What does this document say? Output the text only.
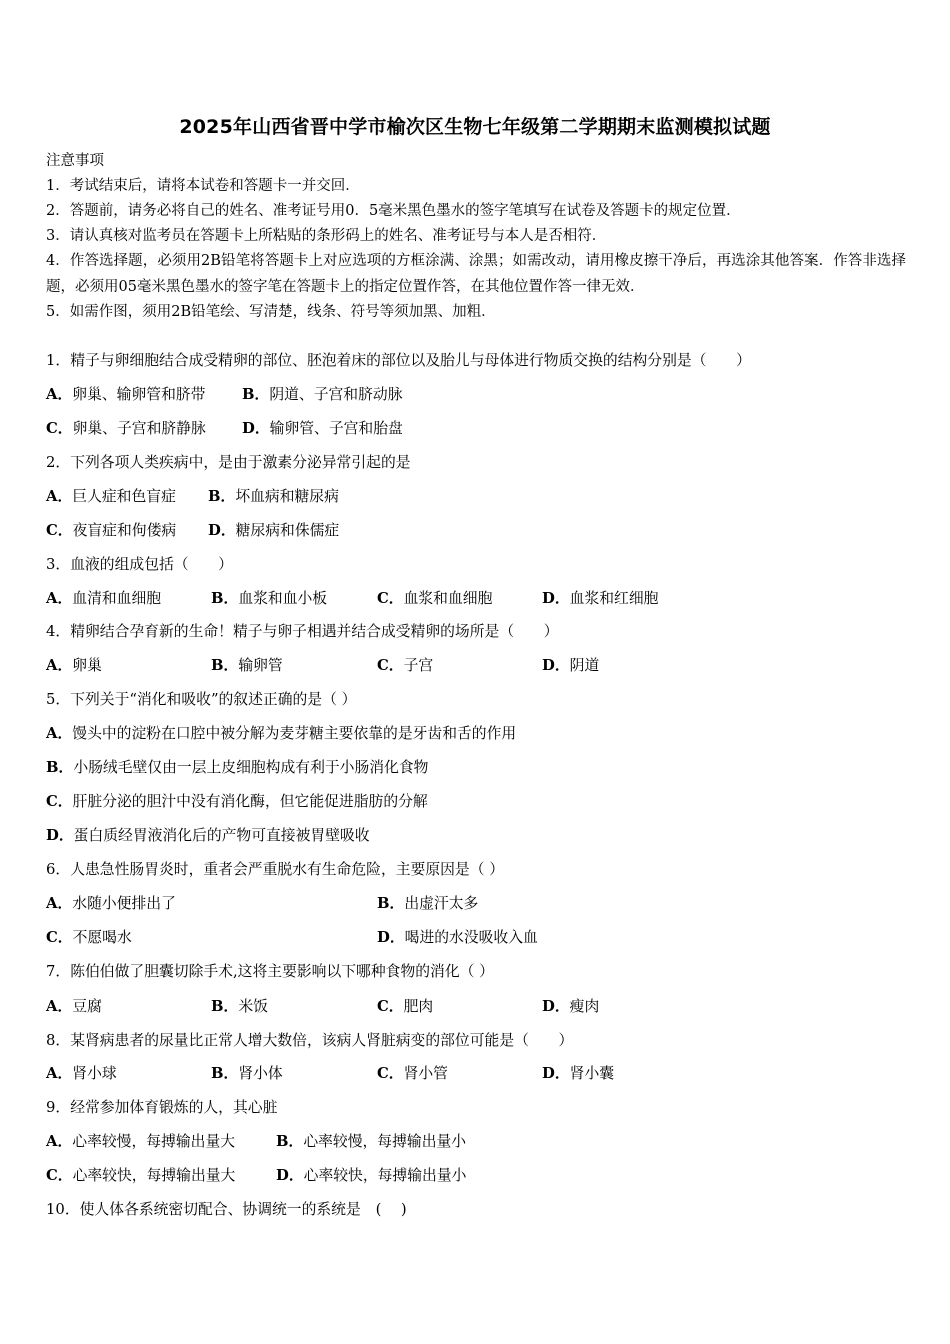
2025年山西省晋中学市榆次区生物七年级第二学期期末监测模拟试题
注意事项
1．考试结束后，请将本试卷和答题卡一并交回．
2．答题前，请务必将自己的姓名、准考证号用0．5毫米黑色墨水的签字笔填写在试卷及答题卡的规定位置．
3．请认真核对监考员在答题卡上所粘贴的条形码上的姓名、准考证号与本人是否相符．
4．作答选择题，必须用2B铅笔将答题卡上对应选项的方框涂满、涂黑；如需改动，请用橡皮擦干净后，再选涂其他答案．作答非选择题，必须用05毫米黑色墨水的签字笔在答题卡上的指定位置作答，在其他位置作答一律无效．
5．如需作图，须用2B铅笔绘、写清楚，线条、符号等须加黑、加粗．
1．精子与卵细胞结合成受精卵的部位、胚泡着床的部位以及胎儿与母体进行物质交换的结构分别是（　　）
A．卵巢、输卵管和脐带 B．阴道、子宫和脐动脉
C．卵巢、子宫和脐静脉 D．输卵管、子宫和胎盘
2．下列各项人类疾病中，是由于激素分泌异常引起的是
A．巨人症和色盲症 B．坏血病和糖尿病
C．夜盲症和佝偻病 D．糖尿病和侏儒症
3．血液的组成包括（　　）
A．血清和血细胞	B．血浆和血小板	C．血浆和血细胞	D．血浆和红细胞
4．精卵结合孕育新的生命！精子与卵子相遇并结合成受精卵的场所是（　　）
A．卵巢	B．输卵管	C．子宫	D．阴道
5．下列关于“消化和吸收”的叙述正确的是（ ）
A．馒头中的淀粉在口腔中被分解为麦芽糖主要依靠的是牙齿和舌的作用
B．小肠绒毛壁仅由一层上皮细胞构成有利于小肠消化食物
C．肝脏分泌的胆汁中没有消化酶，但它能促进脂肪的分解
D．蛋白质经胃液消化后的产物可直接被胃壁吸收
6．人患急性肠胃炎时，重者会严重脱水有生命危险，主要原因是（ ）
A．水随小便排出了	B．出虚汗太多
C．不愿喝水	D．喝进的水没吸收入血
7．陈伯伯做了胆囊切除手术,这将主要影响以下哪种食物的消化（ ）
A．豆腐	B．米饭	C．肥肉	D．瘦肉
8．某肾病患者的尿量比正常人增大数倍，该病人肾脏病变的部位可能是（　　）
A．肾小球	B．肾小体	C．肾小管	D．肾小囊
9．经常参加体育锻炼的人，其心脏
A．心率较慢，每搏输出量大	B．心率较慢，每搏输出量小
C．心率较快，每搏输出量大	D．心率较快，每搏输出量小
10．使人体各系统密切配合、协调统一的系统是　(　 )
